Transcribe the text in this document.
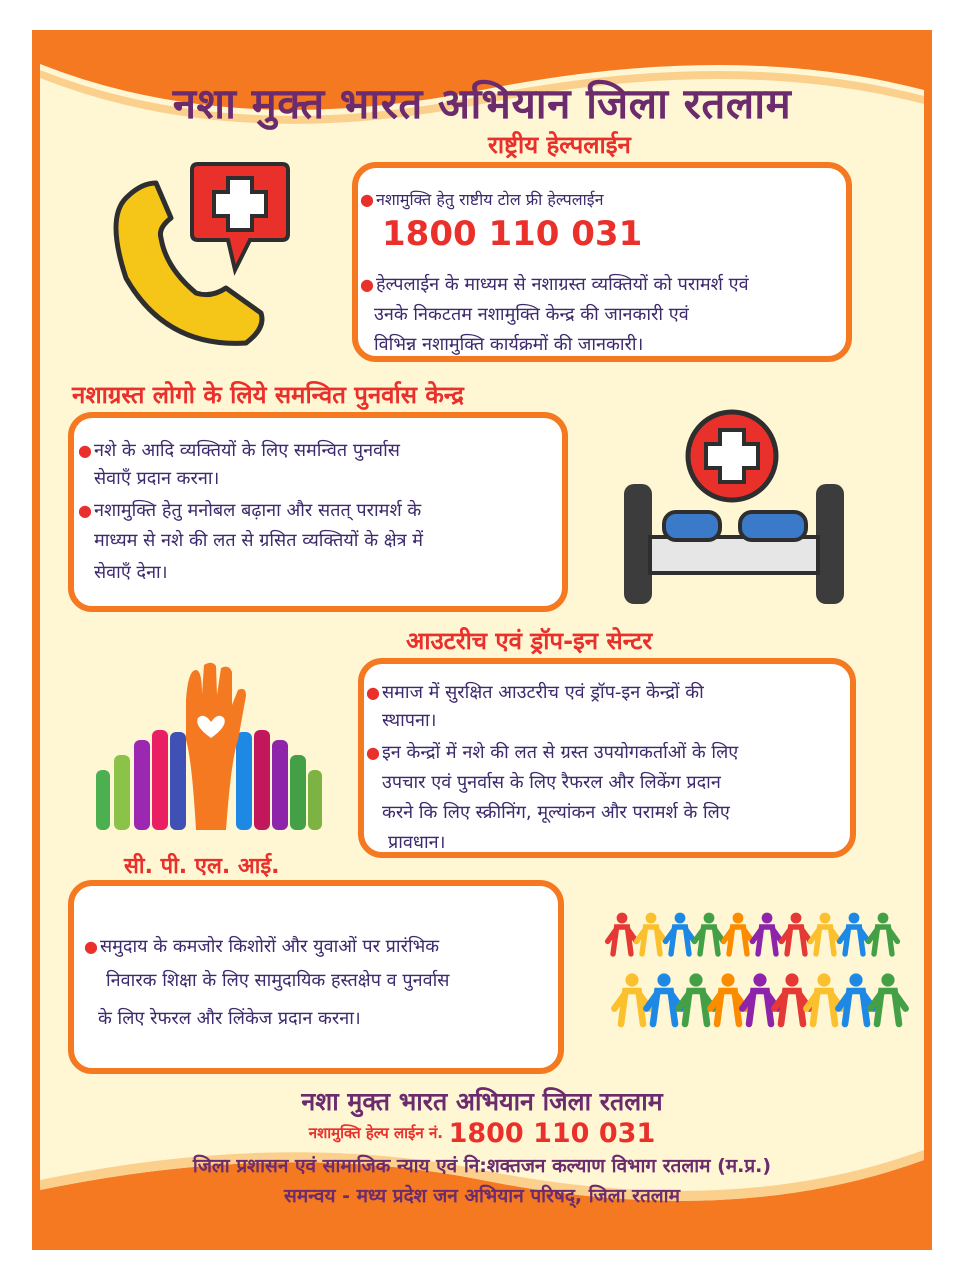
नशा मुक्त भारत अभियान जिला रतलाम
राष्ट्रीय हेल्पलाईन
● नशामुक्ति हेतु राष्टीय टोल फ्री हेल्पलाईन
1800 110 031
● हेल्पलाईन के माध्यम से नशाग्रस्त व्यक्तियों को परामर्श एवं
उनके निकटतम नशामुक्ति केन्द्र की जानकारी एवं
विभिन्न नशामुक्ति कार्यक्रमों की जानकारी।
नशाग्रस्त लोगो के लिये समन्वित पुनर्वास केन्द्र
● नशे के आदि व्यक्तियों के लिए समन्वित पुनर्वास
सेवाएँ प्रदान करना।
● नशामुक्ति हेतु मनोबल बढ़ाना और सतत् परामर्श के
माध्यम से नशे की लत से ग्रसित व्यक्तियों के क्षेत्र में
सेवाएँ देना।
आउटरीच एवं ड्रॉप-इन सेन्टर
● समाज में सुरक्षित आउटरीच एवं ड्रॉप-इन केन्द्रों की
स्थापना।
● इन केन्द्रों में नशे की लत से ग्रस्त उपयोगकर्ताओं के लिए
उपचार एवं पुनर्वास के लिए रैफरल और लिकेंग प्रदान
करने कि लिए स्क्रीनिंग, मूल्यांकन और परामर्श के लिए
प्रावधान।
सी. पी. एल. आई.
● समुदाय के कमजोर किशोरों और युवाओं पर प्रारंभिक
निवारक शिक्षा के लिए सामुदायिक हस्तक्षेप व पुनर्वास
के लिए रेफरल और लिंकेज प्रदान करना।
नशा मुक्त भारत अभियान जिला रतलाम
नशामुक्ति हेल्प लाईन नं. 1800 110 031
जिला प्रशासन एवं सामाजिक न्याय एवं नि:शक्तजन कल्याण विभाग रतलाम (म.प्र.)
समन्वय - मध्य प्रदेश जन अभियान परिषद्, जिला रतलाम
